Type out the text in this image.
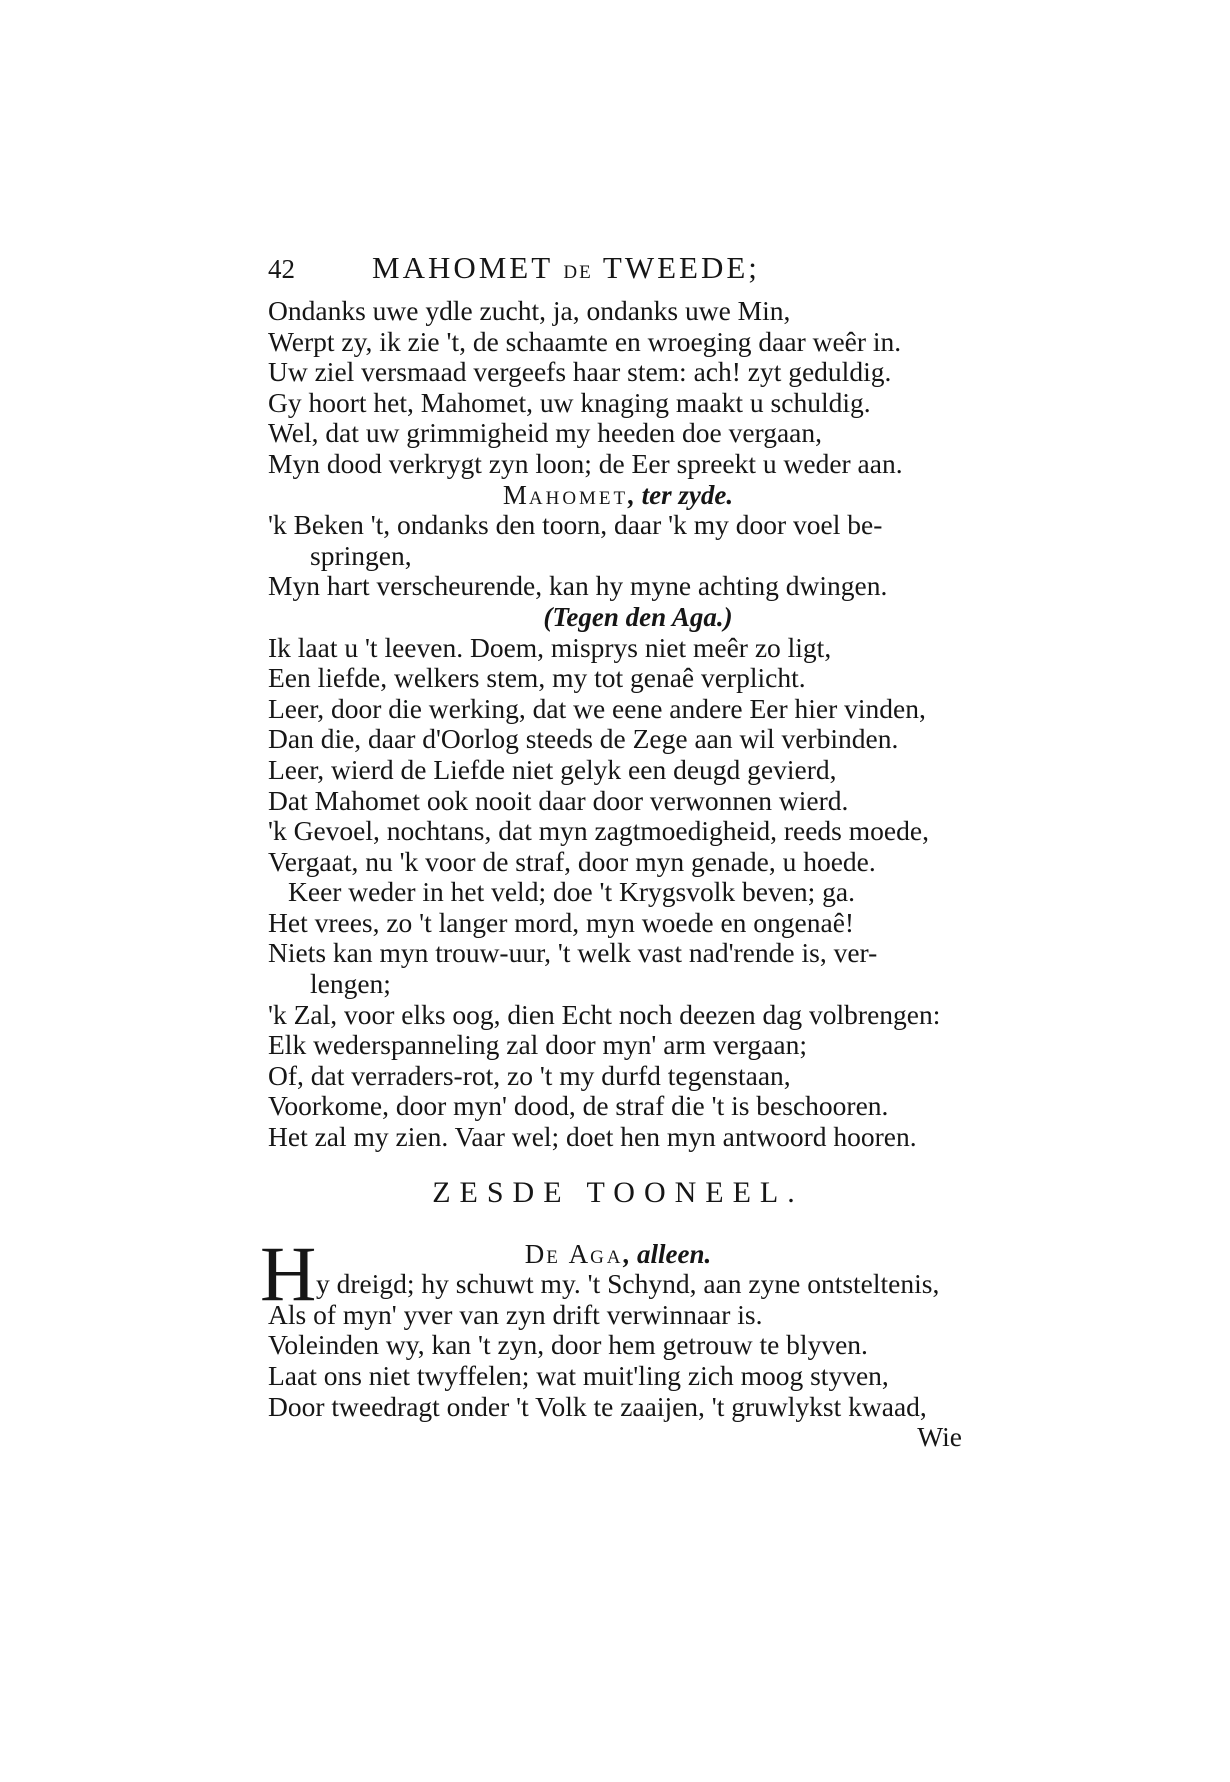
42 MAHOMET DE TWEEDE;
Ondanks uwe ydle zucht, ja, ondanks uwe Min,
Werpt zy, ik zie 't, de schaamte en wroeging daar weêr in.
Uw ziel versmaad vergeefs haar stem: ach! zyt geduldig.
Gy hoort het, Mahomet, uw knaging maakt u schuldig.
Wel, dat uw grimmigheid my heeden doe vergaan,
Myn dood verkrygt zyn loon; de Eer spreekt u weder aan.
MAHOMET, ter zyde.
'k Beken 't, ondanks den toorn, daar 'k my door voel be-
springen,
Myn hart verscheurende, kan hy myne achting dwingen.
(Tegen den Aga.)
Ik laat u 't leeven. Doem, misprys niet meêr zo ligt,
Een liefde, welkers stem, my tot genaê verplicht.
Leer, door die werking, dat we eene andere Eer hier vinden,
Dan die, daar d'Oorlog steeds de Zege aan wil verbinden.
Leer, wierd de Liefde niet gelyk een deugd gevierd,
Dat Mahomet ook nooit daar door verwonnen wierd.
'k Gevoel, nochtans, dat myn zagtmoedigheid, reeds moede,
Vergaat, nu 'k voor de straf, door myn genade, u hoede.
Keer weder in het veld; doe 't Krygsvolk beven; ga.
Het vrees, zo 't langer mord, myn woede en ongenaê!
Niets kan myn trouw-uur, 't welk vast nad'rende is, ver-
lengen;
'k Zal, voor elks oog, dien Echt noch deezen dag volbrengen:
Elk wederspanneling zal door myn' arm vergaan;
Of, dat verraders-rot, zo 't my durfd tegenstaan,
Voorkome, door myn' dood, de straf die 't is beschooren.
Het zal my zien. Vaar wel; doet hen myn antwoord hooren.
ZESDE TOONEEL.
H	DE AGA, alleen.
y dreigd; hy schuwt my. 't Schynd, aan zyne ontsteltenis,
Als of myn' yver van zyn drift verwinnaar is.
Voleinden wy, kan 't zyn, door hem getrouw te blyven.
Laat ons niet twyffelen; wat muit'ling zich moog styven,
Door tweedragt onder 't Volk te zaaijen, 't gruwlykst kwaad,
Wie
